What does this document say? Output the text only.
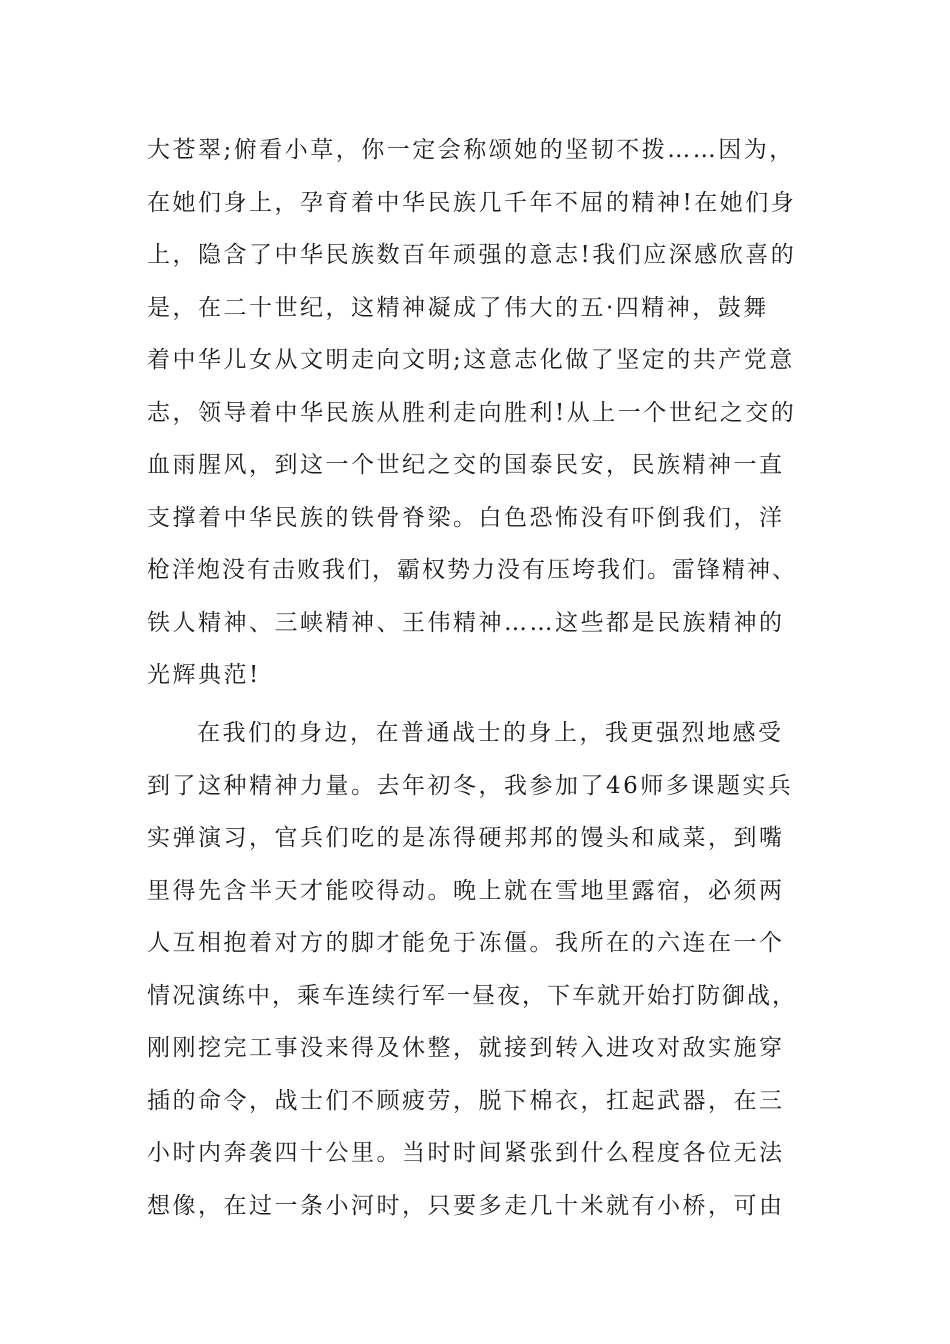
大苍翠;俯看小草，你一定会称颂她的坚韧不拨……因为，
在她们身上，孕育着中华民族几千年不屈的精神!在她们身
上，隐含了中华民族数百年顽强的意志!我们应深感欣喜的
是，在二十世纪，这精神凝成了伟大的五·四精神，鼓舞
着中华儿女从文明走向文明;这意志化做了坚定的共产党意
志，领导着中华民族从胜利走向胜利!从上一个世纪之交的
血雨腥风，到这一个世纪之交的国泰民安，民族精神一直
支撑着中华民族的铁骨脊梁。白色恐怖没有吓倒我们，洋
枪洋炮没有击败我们，霸权势力没有压垮我们。雷锋精神、
铁人精神、三峡精神、王伟精神……这些都是民族精神的
光辉典范!
在我们的身边，在普通战士的身上，我更强烈地感受
到了这种精神力量。去年初冬，我参加了46师多课题实兵
实弹演习，官兵们吃的是冻得硬邦邦的馒头和咸菜，到嘴
里得先含半天才能咬得动。晚上就在雪地里露宿，必须两
人互相抱着对方的脚才能免于冻僵。我所在的六连在一个
情况演练中，乘车连续行军一昼夜，下车就开始打防御战，
刚刚挖完工事没来得及休整，就接到转入进攻对敌实施穿
插的命令，战士们不顾疲劳，脱下棉衣，扛起武器，在三
小时内奔袭四十公里。当时时间紧张到什么程度各位无法
想像，在过一条小河时，只要多走几十米就有小桥，可由
